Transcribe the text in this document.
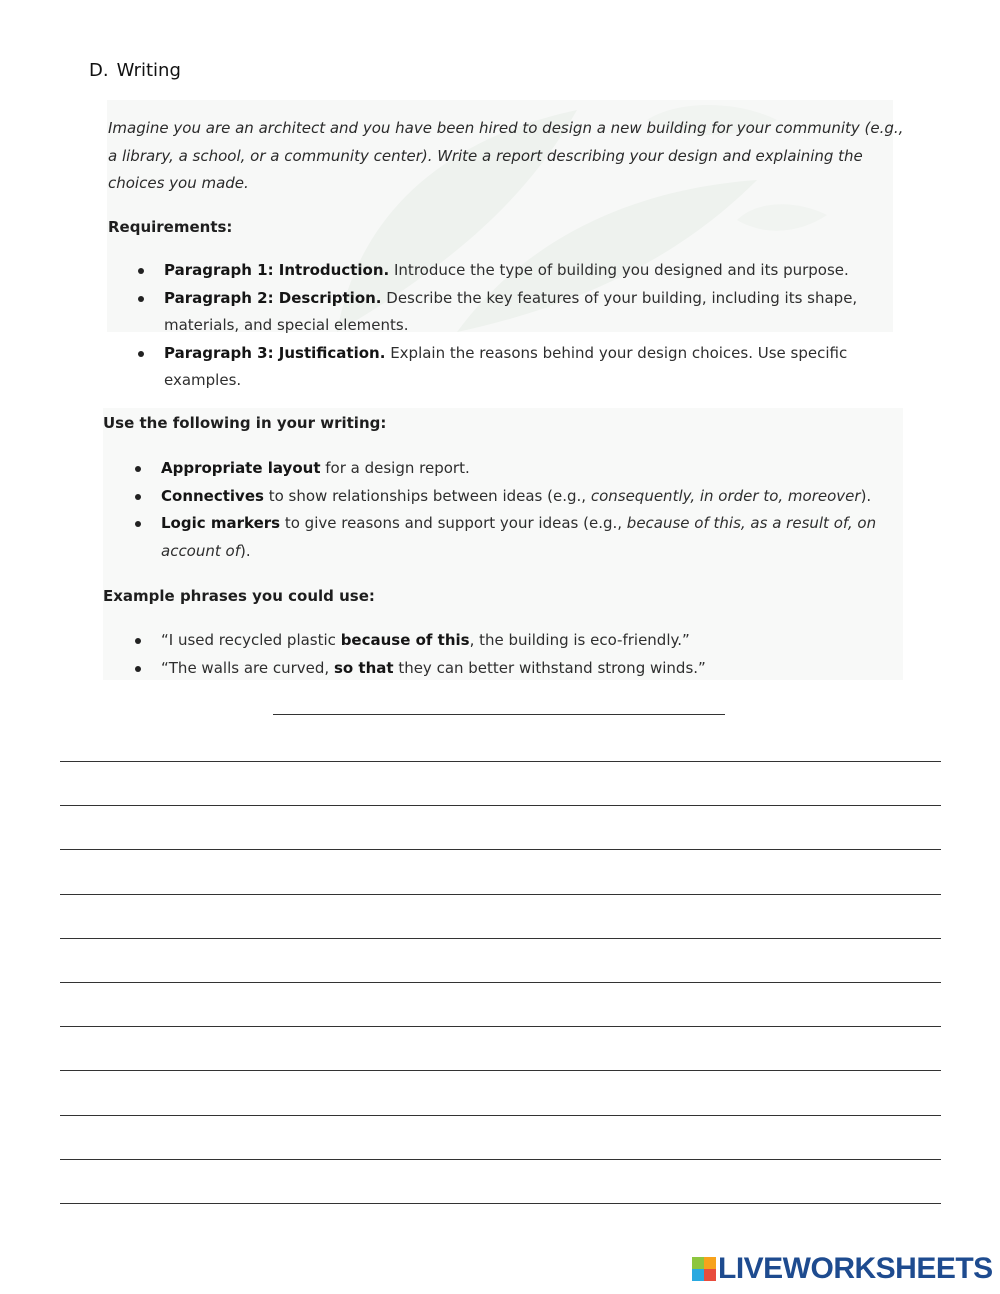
D. Writing
Imagine you are an architect and you have been hired to design a new building for your community (e.g., a library, a school, or a community center). Write a report describing your design and explaining the choices you made.
Requirements:
Paragraph 1: Introduction. Introduce the type of building you designed and its purpose.
Paragraph 2: Description. Describe the key features of your building, including its shape, materials, and special elements.
Paragraph 3: Justification. Explain the reasons behind your design choices. Use specific examples.
Use the following in your writing:
Appropriate layout for a design report.
Connectives to show relationships between ideas (e.g., consequently, in order to, moreover).
Logic markers to give reasons and support your ideas (e.g., because of this, as a result of, on account of).
Example phrases you could use:
“I used recycled plastic because of this, the building is eco-friendly.”
“The walls are curved, so that they can better withstand strong winds.”
LIVEWORKSHEETS
